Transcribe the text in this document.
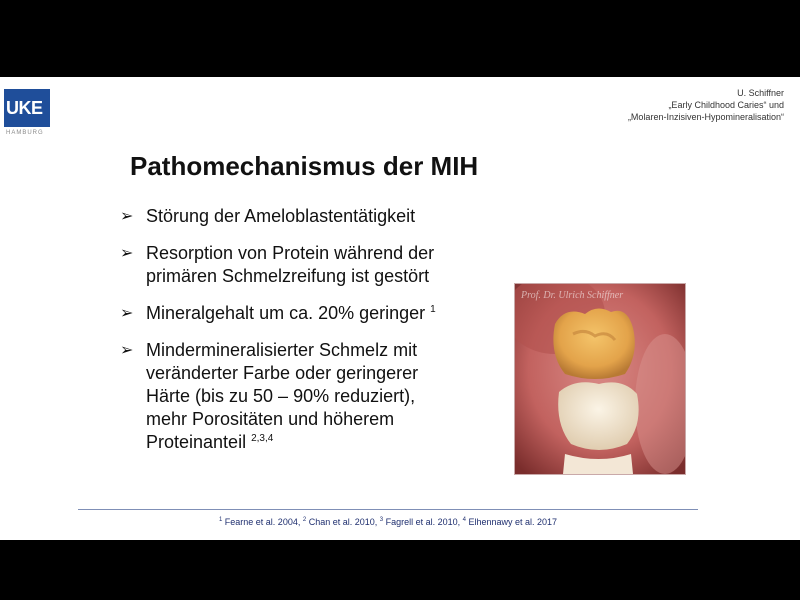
UKE
HAMBURG
U. Schiffner
„Early Childhood Caries“ und
„Molaren-Inzisiven-Hypomineralisation“
Pathomechanismus der MIH
➢ Störung der Ameloblastentätigkeit
➢ Resorption von Protein während der
primären Schmelzreifung ist gestört
➢ Mineralgehalt um ca. 20% geringer $^1$
➢ Mindermineralisierter Schmelz mit
veränderter Farbe oder geringerer
Härte (bis zu 50 – 90% reduziert),
mehr Porositäten und höherem
Proteinanteil $^{2,3,4}$
Prof. Dr. Ulrich Schiffner
$^1$ Fearne et al. 2004, $^2$ Chan et al. 2010, $^3$ Fagrell et al. 2010, $^4$ Elhennawy et al. 2017
